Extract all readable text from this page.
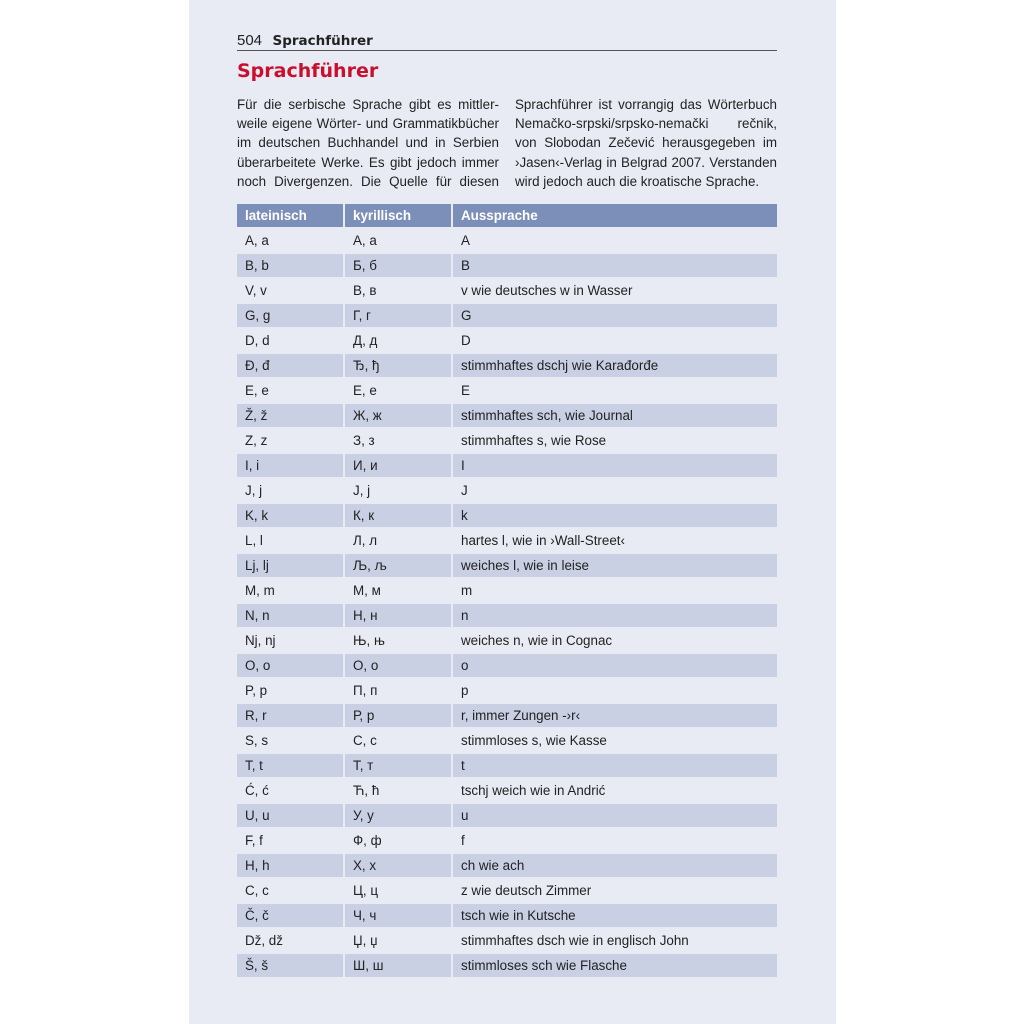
504 Sprachführer
Sprachführer
Für die serbische Sprache gibt es mittler-
weile eigene Wörter- und Grammatikbücher
im deutschen Buchhandel und in Serbien
überarbeitete Werke. Es gibt jedoch immer
noch Divergenzen. Die Quelle für diesen
Sprachführer ist vorrangig das Wörterbuch
Nemačko-srpski/srpsko-nemački rečnik,
von Slobodan Zečević herausgegeben im
›Jasen‹-Verlag in Belgrad 2007. Verstanden
wird jedoch auch die kroatische Sprache.
lateinisch	kyrillisch	Aussprache
A, a	А, а	A
B, b	Б, б	B
V, v	В, в	v wie deutsches w in Wasser
G, g	Г, г	G
D, d	Д, д	D
Đ, đ	Ђ, ђ	stimmhaftes dschj wie Karađorđe
E, e	Е, е	E
Ž, ž	Ж, ж	stimmhaftes sch, wie Journal
Z, z	З, з	stimmhaftes s, wie Rose
I, i	И, и	I
J, j	Ј, ј	J
K, k	К, к	k
L, l	Л, л	hartes l, wie in ›Wall-Street‹
Lj, lj	Љ, љ	weiches l, wie in leise
M, m	М, м	m
N, n	Н, н	n
Nj, nj	Њ, њ	weiches n, wie in Cognac
O, o	О, о	o
P, p	П, п	p
R, r	Р, р	r, immer Zungen -›r‹
S, s	С, с	stimmloses s, wie Kasse
T, t	Т, т	t
Ć, ć	Ћ, ћ	tschj weich wie in Andrić
U, u	У, у	u
F, f	Ф, ф	f
H, h	Х, х	ch wie ach
C, c	Ц, ц	z wie deutsch Zimmer
Č, č	Ч, ч	tsch wie in Kutsche
Dž, dž	Џ, џ	stimmhaftes dsch wie in englisch John
Š, š	Ш, ш	stimmloses sch wie Flasche
